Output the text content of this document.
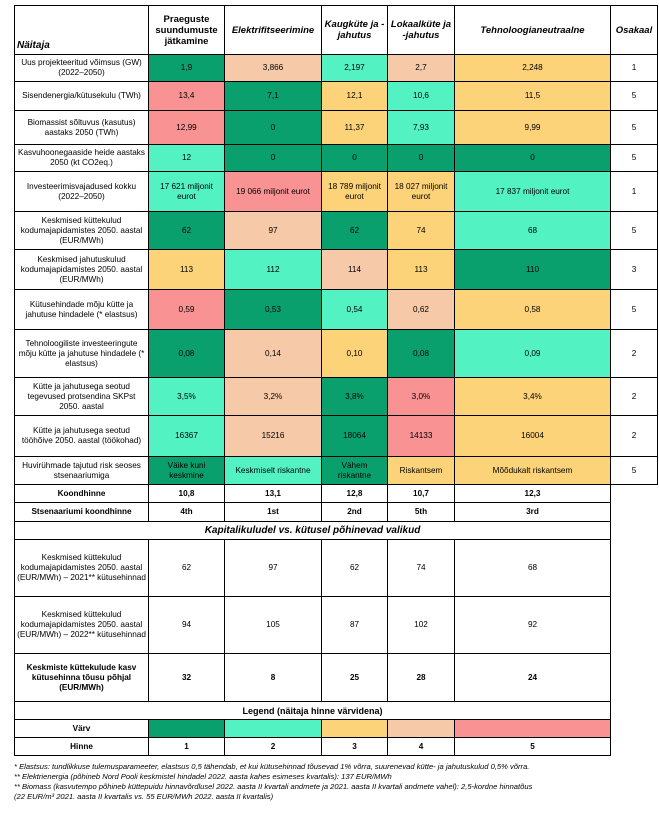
Näitaja	Praeguste suundumuste jätkamine	Elektrifitseerimine	Kaugküte ja -jahutus	Lokaalküte ja -jahutus	Tehnoloogianeutraalne	Osakaal
Uus projekteeritud võimsus (GW) (2022–2050)	1,9	3,866	2,197	2,7	2,248	1
Sisendenergia/kütusekulu (TWh)	13,4	7,1	12,1	10,6	11,5	5
Biomassist sõltuvus (kasutus) aastaks 2050 (TWh)	12,99	0	11,37	7,93	9,99	5
Kasvuhoonegaaside heide aastaks 2050 (kt CO2eq.)	12	0	0	0	0	5
Investeerimisvajadused kokku (2022–2050)	17 621 miljonit eurot	19 066 miljonit eurot	18 789 miljonit eurot	18 027 miljonit eurot	17 837 miljonit eurot	1
Keskmised küttekulud kodumajapidamistes 2050. aastal (EUR/MWh)	62	97	62	74	68	5
Keskmised jahutuskulud kodumajapidamistes 2050. aastal (EUR/MWh)	113	112	114	113	110	3
Kütusehindade mõju kütte ja jahutuse hindadele (* elastsus)	0,59	0,53	0,54	0,62	0,58	5
Tehnoloogiliste investeeringute mõju kütte ja jahutuse hindadele (* elastsus)	0,08	0,14	0,10	0,08	0,09	2
Kütte ja jahutusega seotud tegevused protsendina SKPst 2050. aastal	3,5%	3,2%	3,8%	3,0%	3,4%	2
Kütte ja jahutusega seotud tööhõive 2050. aastal (töökohad)	16367	15216	18064	14133	16004	2
Huvirühmade tajutud risk seoses stsenaariumiga	Väike kuni keskmine	Keskmiselt riskantne	Vähem riskantne	Riskantsem	Mõõdukalt riskantsem	5
Koondhinne	10,8	13,1	12,8	10,7	12,3	
Stsenaariumi koondhinne	4th	1st	2nd	5th	3rd	
Kapitalikuludel vs. kütusel põhinevad valikud						
Keskmised küttekulud kodumajapidamistes 2050. aastal (EUR/MWh) – 2021** kütusehinnad	62	97	62	74	68	
Keskmised küttekulud kodumajapidamistes 2050. aastal (EUR/MWh) – 2022** kütusehinnad	94	105	87	102	92	
Keskmiste küttekulude kasv kütusehinna tõusu põhjal (EUR/MWh)	32	8	25	28	24	
Legend (näitaja hinne värvidena)						
Värv						
Hinne	1	2	3	4	5	
* Elastsus: tundlikkuse tulemusparameeter, elastsus 0,5 tähendab, et kui kütusehinnad tõusevad 1% võrra, suurenevad kütte- ja jahutuskulud 0,5% võrra.
** Elektrienergia (põhineb Nord Pooli keskmistel hindadel 2022. aasta kahes esimeses kvartalis): 137 EUR/MWh
** Biomass (kasvutempo põhineb küttepuidu hinnavõrdlusel 2022. aasta II kvartali andmete ja 2021. aasta II kvartali andmete vahel): 2,5-kordne hinnatõus
(22 EUR/m³ 2021. aasta II kvartalis vs. 55 EUR/MWh 2022. aasta II kvartalis)
